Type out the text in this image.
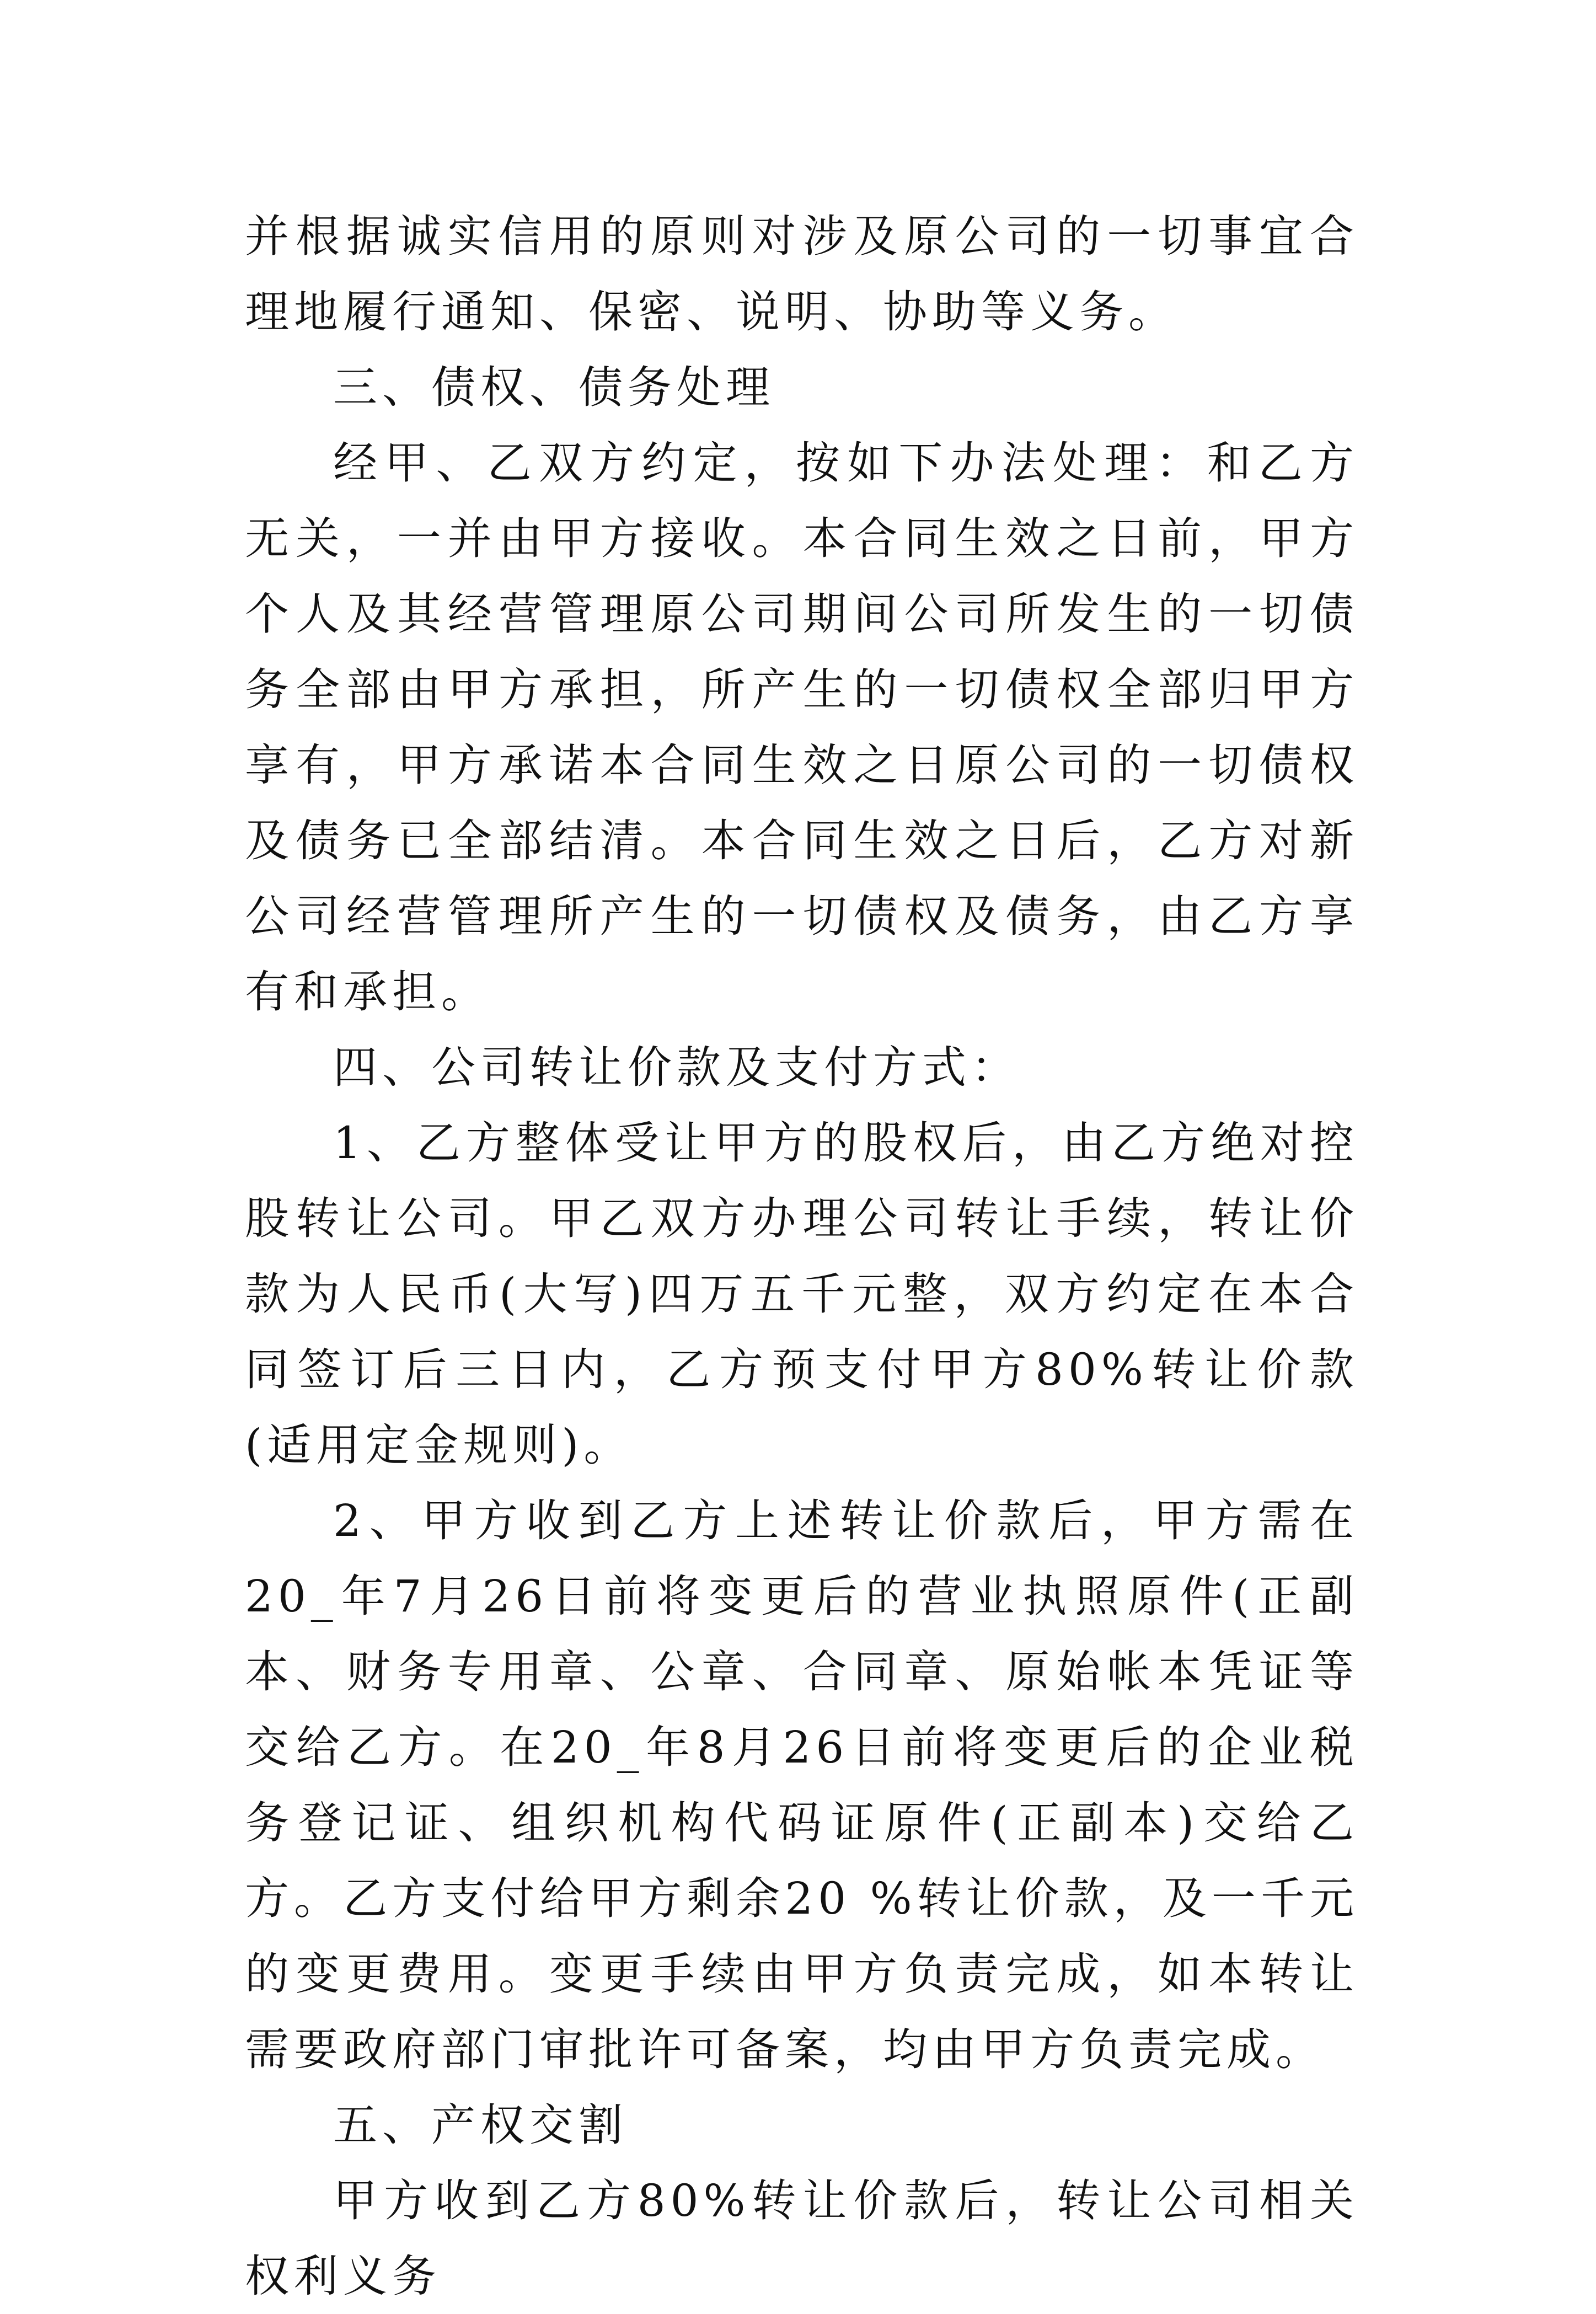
并根据诚实信用的原则对涉及原公司的一切事宜合理地履行通知、保密、说明、协助等义务。

三、债权、债务处理

经甲、乙双方约定，按如下办法处理：和乙方无关，一并由甲方接收。本合同生效之日前，甲方个人及其经营管理原公司期间公司所发生的一切债务全部由甲方承担，所产生的一切债权全部归甲方享有，甲方承诺本合同生效之日原公司的一切债权及债务已全部结清。本合同生效之日后，乙方对新公司经营管理所产生的一切债权及债务，由乙方享有和承担。

四、公司转让价款及支付方式：

1、乙方整体受让甲方的股权后，由乙方绝对控股转让公司。甲乙双方办理公司转让手续，转让价款为人民币(大写)四万五千元整，双方约定在本合同签订后三日内，乙方预支付甲方80%转让价款(适用定金规则)。

2、甲方收到乙方上述转让价款后，甲方需在20_年7月26日前将变更后的营业执照原件(正副本、财务专用章、公章、合同章、原始帐本凭证等交给乙方。在20_年8月26日前将变更后的企业税务登记证、组织机构代码证原件(正副本)交给乙方。乙方支付给甲方剩余20 %转让价款，及一千元的变更费用。变更手续由甲方负责完成，如本转让需要政府部门审批许可备案，均由甲方负责完成。

五、产权交割

甲方收到乙方80%转让价款后，转让公司相关权利义务
